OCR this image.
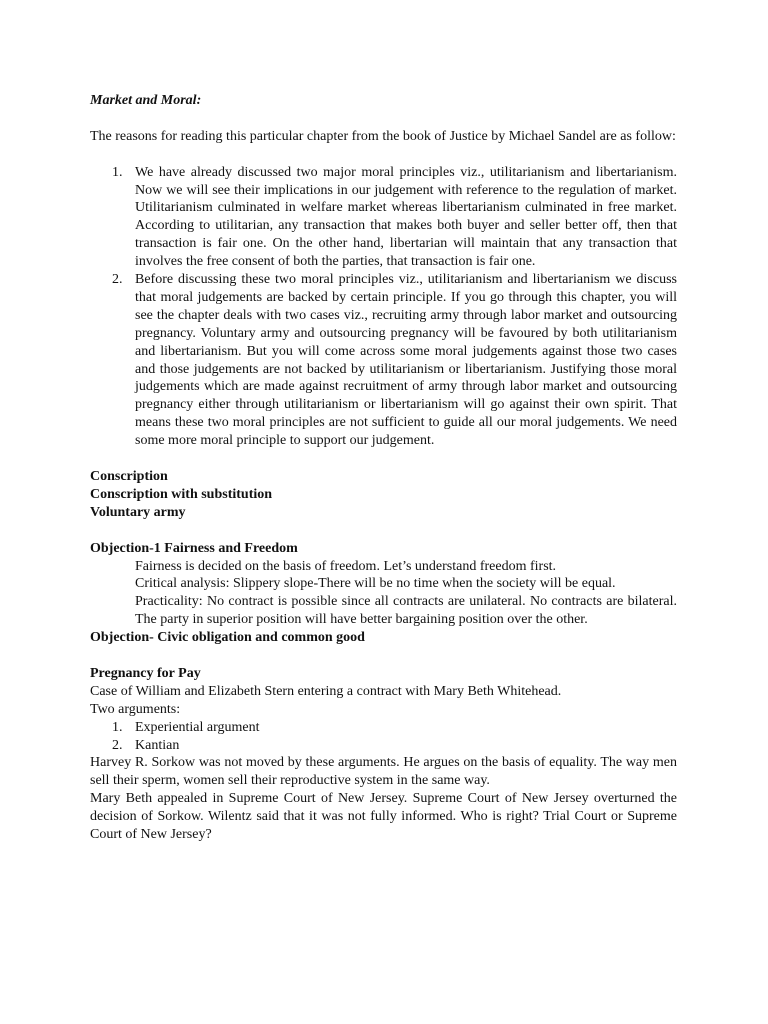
Market and Moral:

The reasons for reading this particular chapter from the book of Justice by Michael Sandel are as follow:

1. We have already discussed two major moral principles viz., utilitarianism and libertarianism. Now we will see their implications in our judgement with reference to the regulation of market. Utilitarianism culminated in welfare market whereas libertarianism culminated in free market. According to utilitarian, any transaction that makes both buyer and seller better off, then that transaction is fair one. On the other hand, libertarian will maintain that any transaction that involves the free consent of both the parties, that transaction is fair one.
2. Before discussing these two moral principles viz., utilitarianism and libertarianism we discuss that moral judgements are backed by certain principle. If you go through this chapter, you will see the chapter deals with two cases viz., recruiting army through labor market and outsourcing pregnancy. Voluntary army and outsourcing pregnancy will be favoured by both utilitarianism and libertarianism. But you will come across some moral judgements against those two cases and those judgements are not backed by utilitarianism or libertarianism. Justifying those moral judgements which are made against recruitment of army through labor market and outsourcing pregnancy either through utilitarianism or libertarianism will go against their own spirit. That means these two moral principles are not sufficient to guide all our moral judgements. We need some more moral principle to support our judgement.

Conscription

Conscription with substitution

Voluntary army

Objection-1 Fairness and Freedom

Fairness is decided on the basis of freedom. Let’s understand freedom first.

Critical analysis: Slippery slope-There will be no time when the society will be equal.

Practicality: No contract is possible since all contracts are unilateral. No contracts are bilateral. The party in superior position will have better bargaining position over the other.

Objection- Civic obligation and common good

Pregnancy for Pay

Case of William and Elizabeth Stern entering a contract with Mary Beth Whitehead.

Two arguments:

1. Experiential argument
2. Kantian

Harvey R. Sorkow was not moved by these arguments. He argues on the basis of equality. The way men sell their sperm, women sell their reproductive system in the same way.

Mary Beth appealed in Supreme Court of New Jersey. Supreme Court of New Jersey overturned the decision of Sorkow. Wilentz said that it was not fully informed. Who is right? Trial Court or Supreme Court of New Jersey?
